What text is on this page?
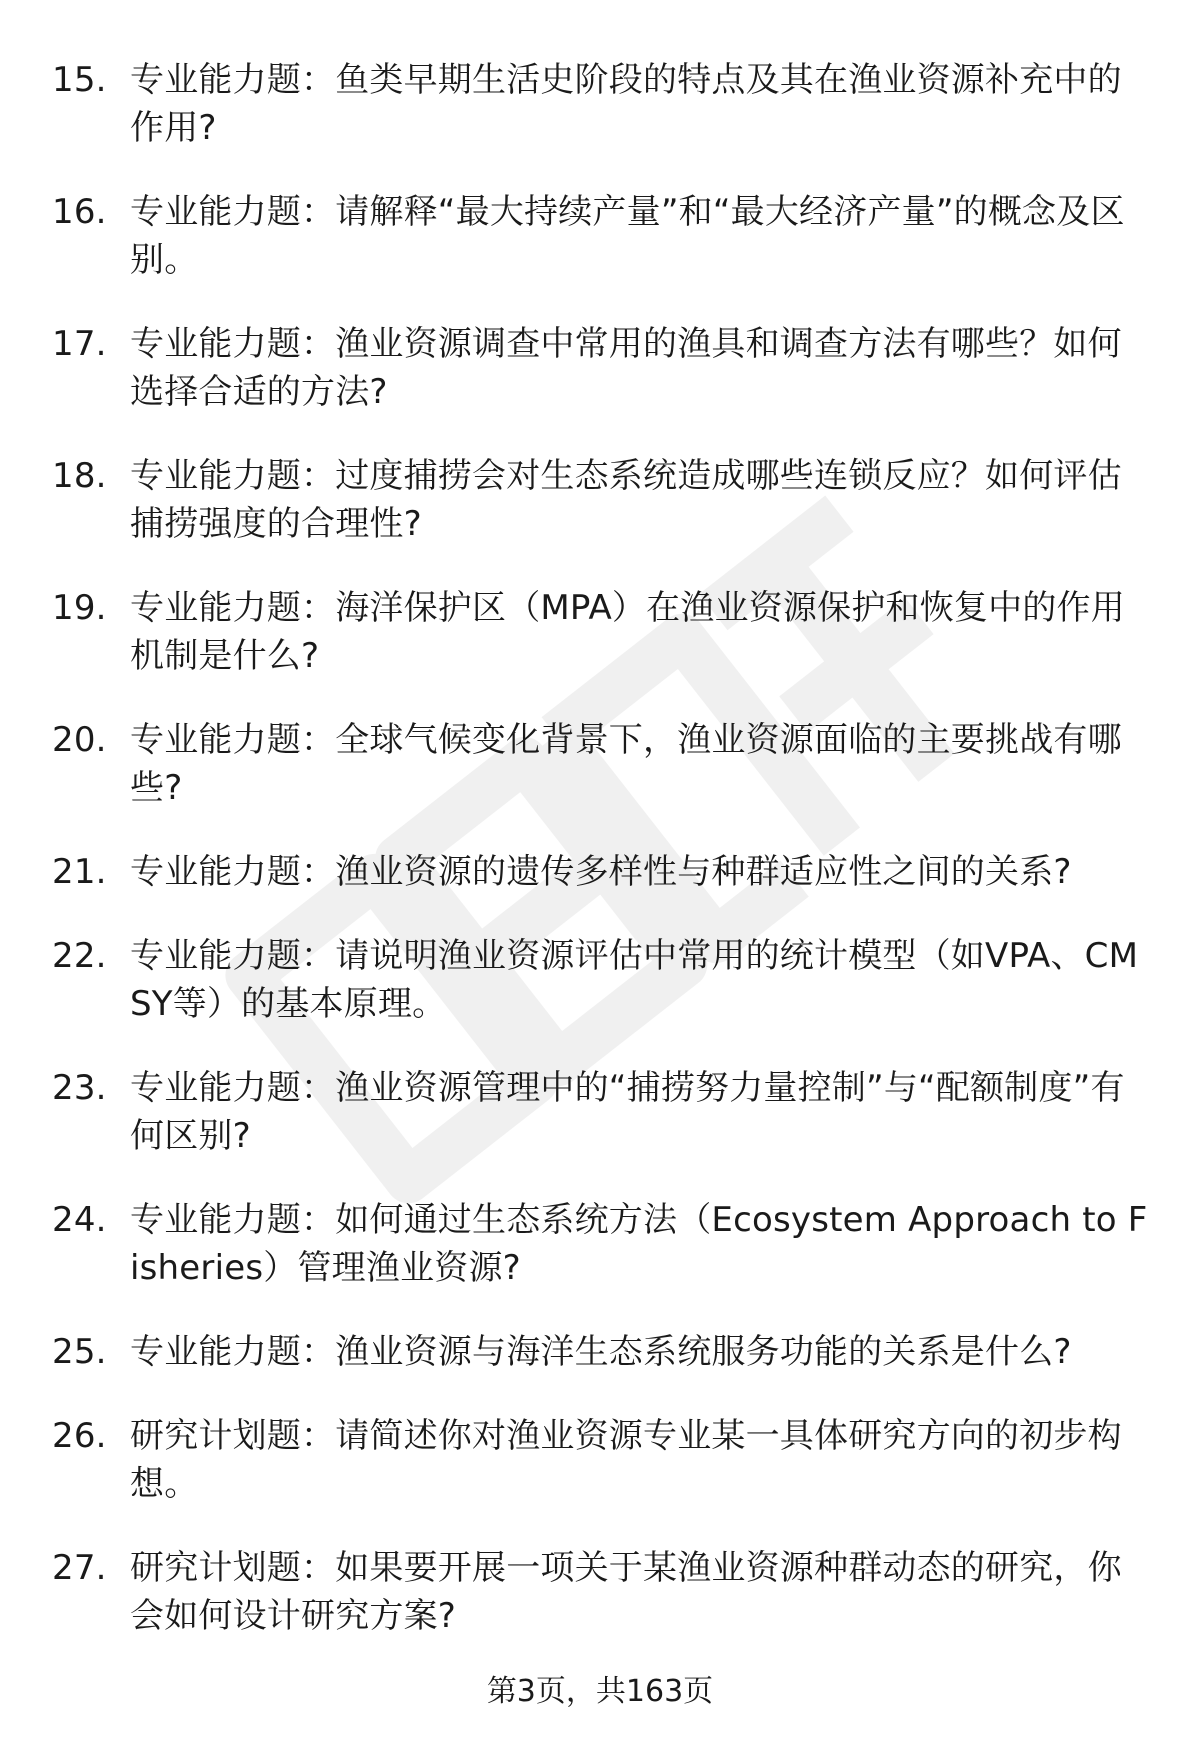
15. 专业能力题：鱼类早期生活史阶段的特点及其在渔业资源补充中的作用?
16. 专业能力题：请解释“最大持续产量”和“最大经济产量”的概念及区别。
17. 专业能力题：渔业资源调查中常用的渔具和调查方法有哪些？如何选择合适的方法?
18. 专业能力题：过度捕捞会对生态系统造成哪些连锁反应？如何评估捕捞强度的合理性?
19. 专业能力题：海洋保护区（MPA）在渔业资源保护和恢复中的作用机制是什么?
20. 专业能力题：全球气候变化背景下，渔业资源面临的主要挑战有哪些?
21. 专业能力题：渔业资源的遗传多样性与种群适应性之间的关系?
22. 专业能力题：请说明渔业资源评估中常用的统计模型（如VPA、CMSY等）的基本原理。
23. 专业能力题：渔业资源管理中的“捕捞努力量控制”与“配额制度”有何区别?
24. 专业能力题：如何通过生态系统方法（Ecosystem Approach to Fisheries）管理渔业资源?
25. 专业能力题：渔业资源与海洋生态系统服务功能的关系是什么?
26. 研究计划题：请简述你对渔业资源专业某一具体研究方向的初步构想。
27. 研究计划题：如果要开展一项关于某渔业资源种群动态的研究，你会如何设计研究方案?
第3页，共163页
